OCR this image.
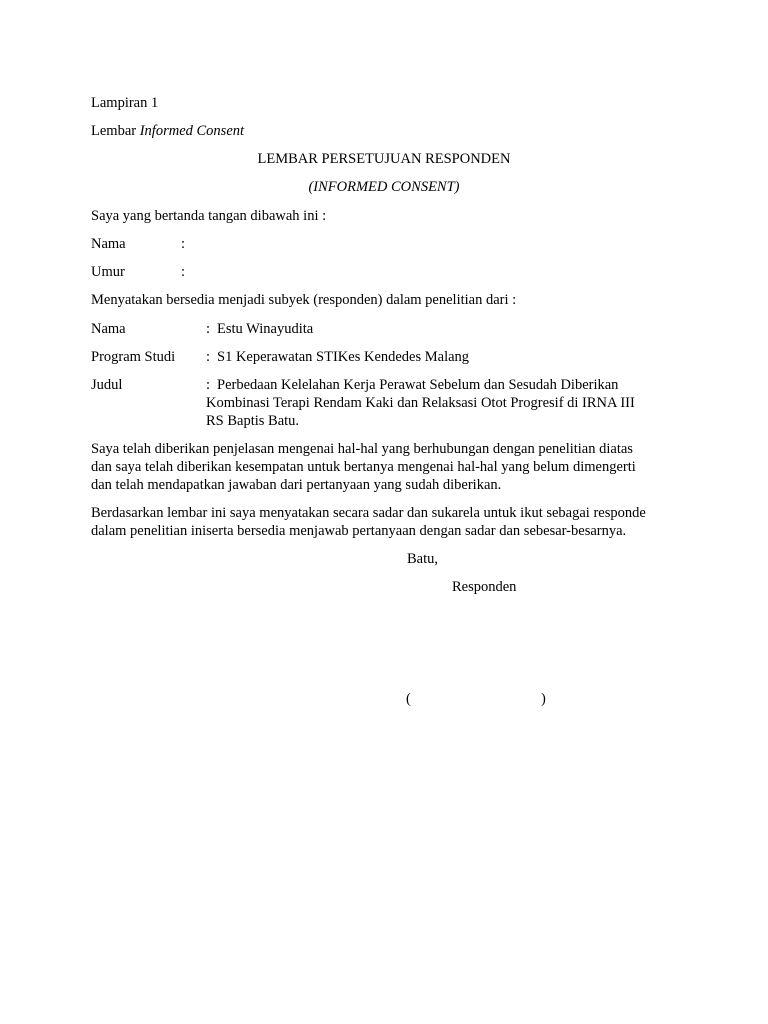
Lampiran 1
Lembar Informed Consent
LEMBAR PERSETUJUAN RESPONDEN
(INFORMED CONSENT)
Saya yang bertanda tangan dibawah ini :
Nama	:
Umur	:
Menyatakan bersedia menjadi subyek (responden) dalam penelitian dari :
Nama	: Estu Winayudita
Program Studi : S1 Keperawatan STIKes Kendedes Malang
Judul	: Perbedaan Kelelahan Kerja Perawat Sebelum dan Sesudah Diberikan
Kombinasi Terapi Rendam Kaki dan Relaksasi Otot Progresif di IRNA III
RS Baptis Batu.
Saya telah diberikan penjelasan mengenai hal-hal yang berhubungan dengan penelitian diatas
dan saya telah diberikan kesempatan untuk bertanya mengenai hal-hal yang belum dimengerti
dan telah mendapatkan jawaban dari pertanyaan yang sudah diberikan.
Berdasarkan lembar ini saya menyatakan secara sadar dan sukarela untuk ikut sebagai responde
dalam penelitian iniserta bersedia menjawab pertanyaan dengan sadar dan sebesar-besarnya.
Batu,
Responden
(	)
